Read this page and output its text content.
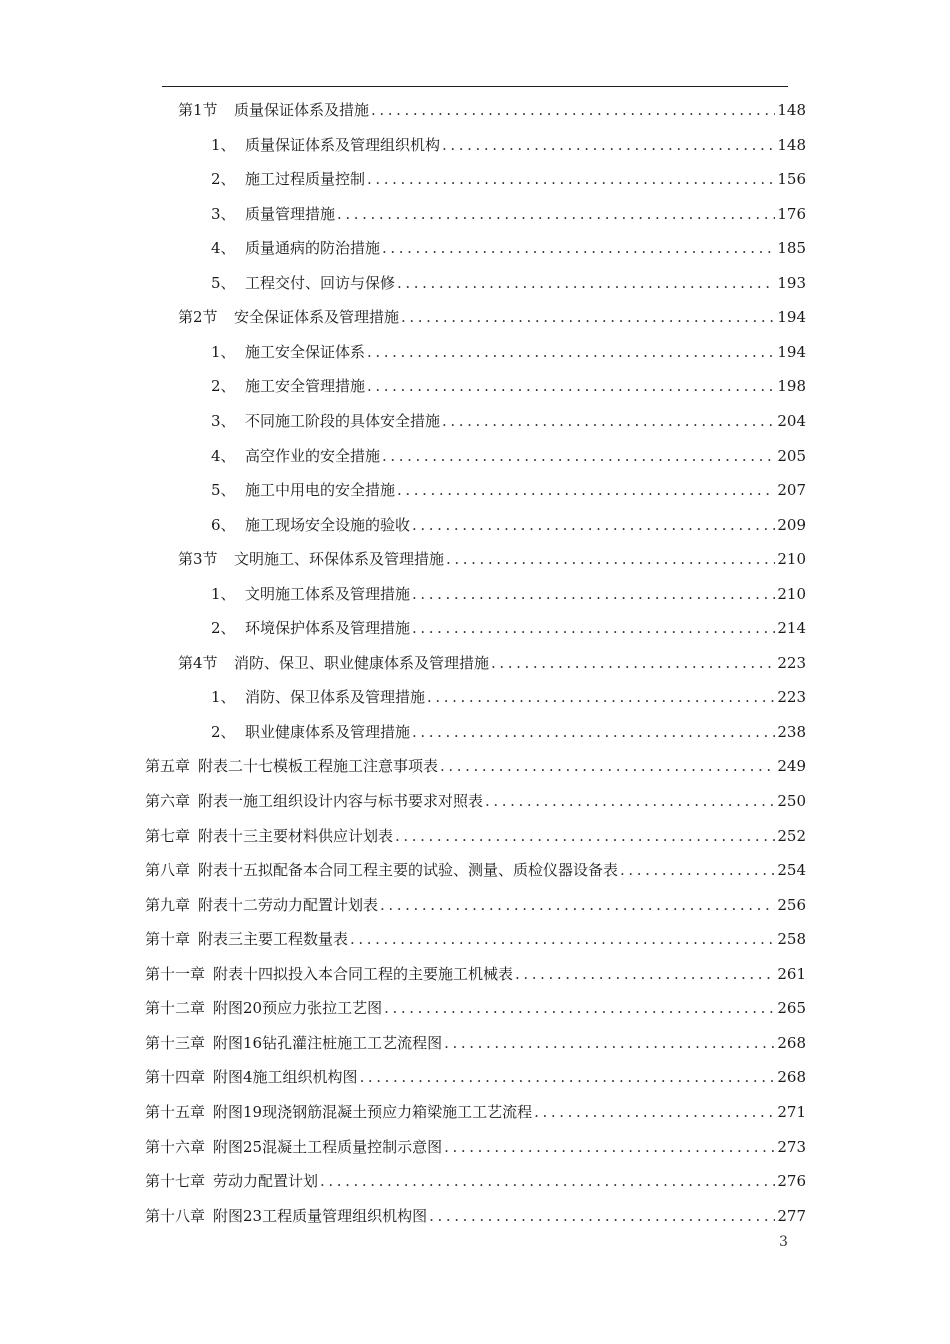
第1节	质量保证体系及措施 .....	148
1、 质量保证体系及管理组织机构 .....	148
2、 施工过程质量控制 .....	156
3、 质量管理措施 .....	176
4、 质量通病的防治措施 .....	185
5、 工程交付、回访与保修 .....	193
第2节	安全保证体系及管理措施 .....	194
1、 施工安全保证体系 .....	194
2、 施工安全管理措施 .....	198
3、 不同施工阶段的具体安全措施 .....	204
4、 高空作业的安全措施 .....	205
5、 施工中用电的安全措施 .....	207
6、 施工现场安全设施的验收 .....	209
第3节	文明施工、环保体系及管理措施 .....	210
1、 文明施工体系及管理措施 .....	210
2、 环境保护体系及管理措施 .....	214
第4节	消防、保卫、职业健康体系及管理措施 .....	223
1、 消防、保卫体系及管理措施 .....	223
2、 职业健康体系及管理措施 .....	238
第五章 附表二十七模板工程施工注意事项表 .....	249
第六章 附表一施工组织设计内容与标书要求对照表 .....	250
第七章 附表十三主要材料供应计划表 .....	252
第八章 附表十五拟配备本合同工程主要的试验、测量、质检仪器设备表 .....	254
第九章 附表十二劳动力配置计划表 .....	256
第十章 附表三主要工程数量表 .....	258
第十一章 附表十四拟投入本合同工程的主要施工机械表 .....	261
第十二章 附图20预应力张拉工艺图 .....	265
第十三章 附图16钻孔灌注桩施工工艺流程图 .....	268
第十四章 附图4施工组织机构图 .....	268
第十五章 附图19现浇钢筋混凝土预应力箱梁施工工艺流程 .....	271
第十六章 附图25混凝土工程质量控制示意图 .....	273
第十七章 劳动力配置计划 .....	276
第十八章 附图23工程质量管理组织机构图 .....	277
3
